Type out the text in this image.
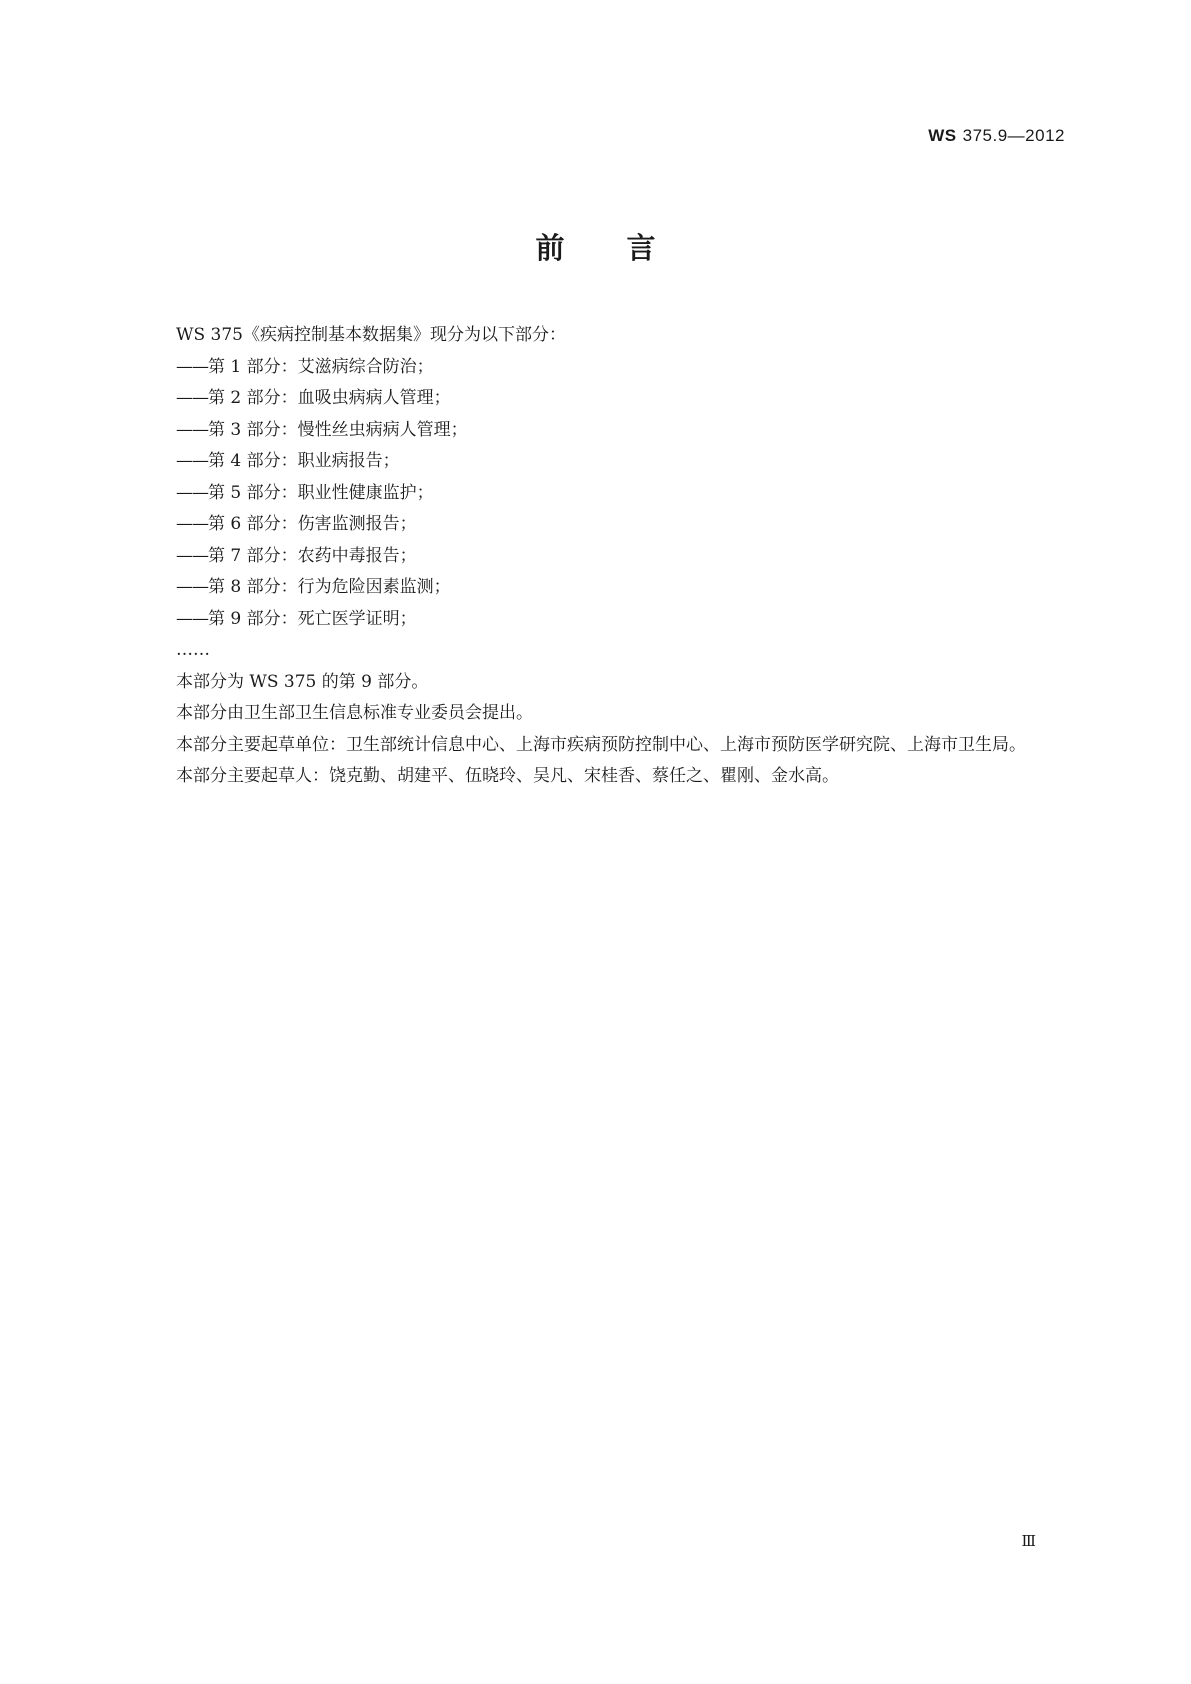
WS 375.9—2012
前言
WS 375《疾病控制基本数据集》现分为以下部分：
——第 1 部分：艾滋病综合防治；
——第 2 部分：血吸虫病病人管理；
——第 3 部分：慢性丝虫病病人管理；
——第 4 部分：职业病报告；
——第 5 部分：职业性健康监护；
——第 6 部分：伤害监测报告；
——第 7 部分：农药中毒报告；
——第 8 部分：行为危险因素监测；
——第 9 部分：死亡医学证明；
……
本部分为 WS 375 的第 9 部分。
本部分由卫生部卫生信息标准专业委员会提出。
本部分主要起草单位：卫生部统计信息中心、上海市疾病预防控制中心、上海市预防医学研究院、上海市卫生局。
本部分主要起草人：饶克勤、胡建平、伍晓玲、吴凡、宋桂香、蔡任之、瞿刚、金水高。
Ⅲ
